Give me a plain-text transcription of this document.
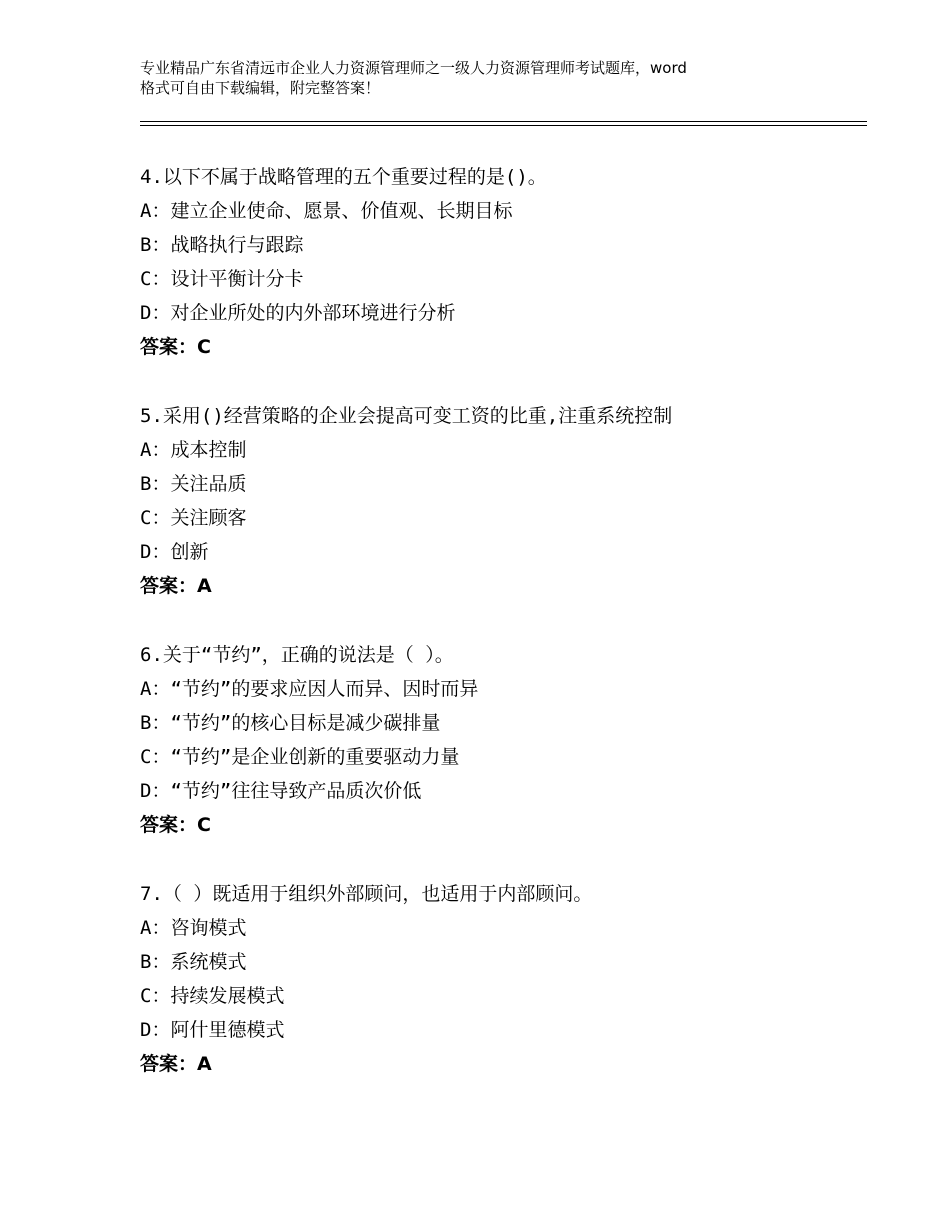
专业精品广东省清远市企业人力资源管理师之一级人力资源管理师考试题库，word
格式可自由下载编辑，附完整答案！
4.以下不属于战略管理的五个重要过程的是()。
A：建立企业使命、愿景、价值观、长期目标
B：战略执行与跟踪
C：设计平衡计分卡
D：对企业所处的内外部环境进行分析
答案：C
5.采用()经营策略的企业会提高可变工资的比重,注重系统控制
A：成本控制
B：关注品质
C：关注顾客
D：创新
答案：A
6.关于“节约”，正确的说法是（ ）。
A：“节约”的要求应因人而异、因时而异
B：“节约”的核心目标是减少碳排量
C：“节约”是企业创新的重要驱动力量
D：“节约”往往导致产品质次价低
答案：C
7.（ ）既适用于组织外部顾问，也适用于内部顾问。
A：咨询模式
B：系统模式
C：持续发展模式
D：阿什里德模式
答案：A
